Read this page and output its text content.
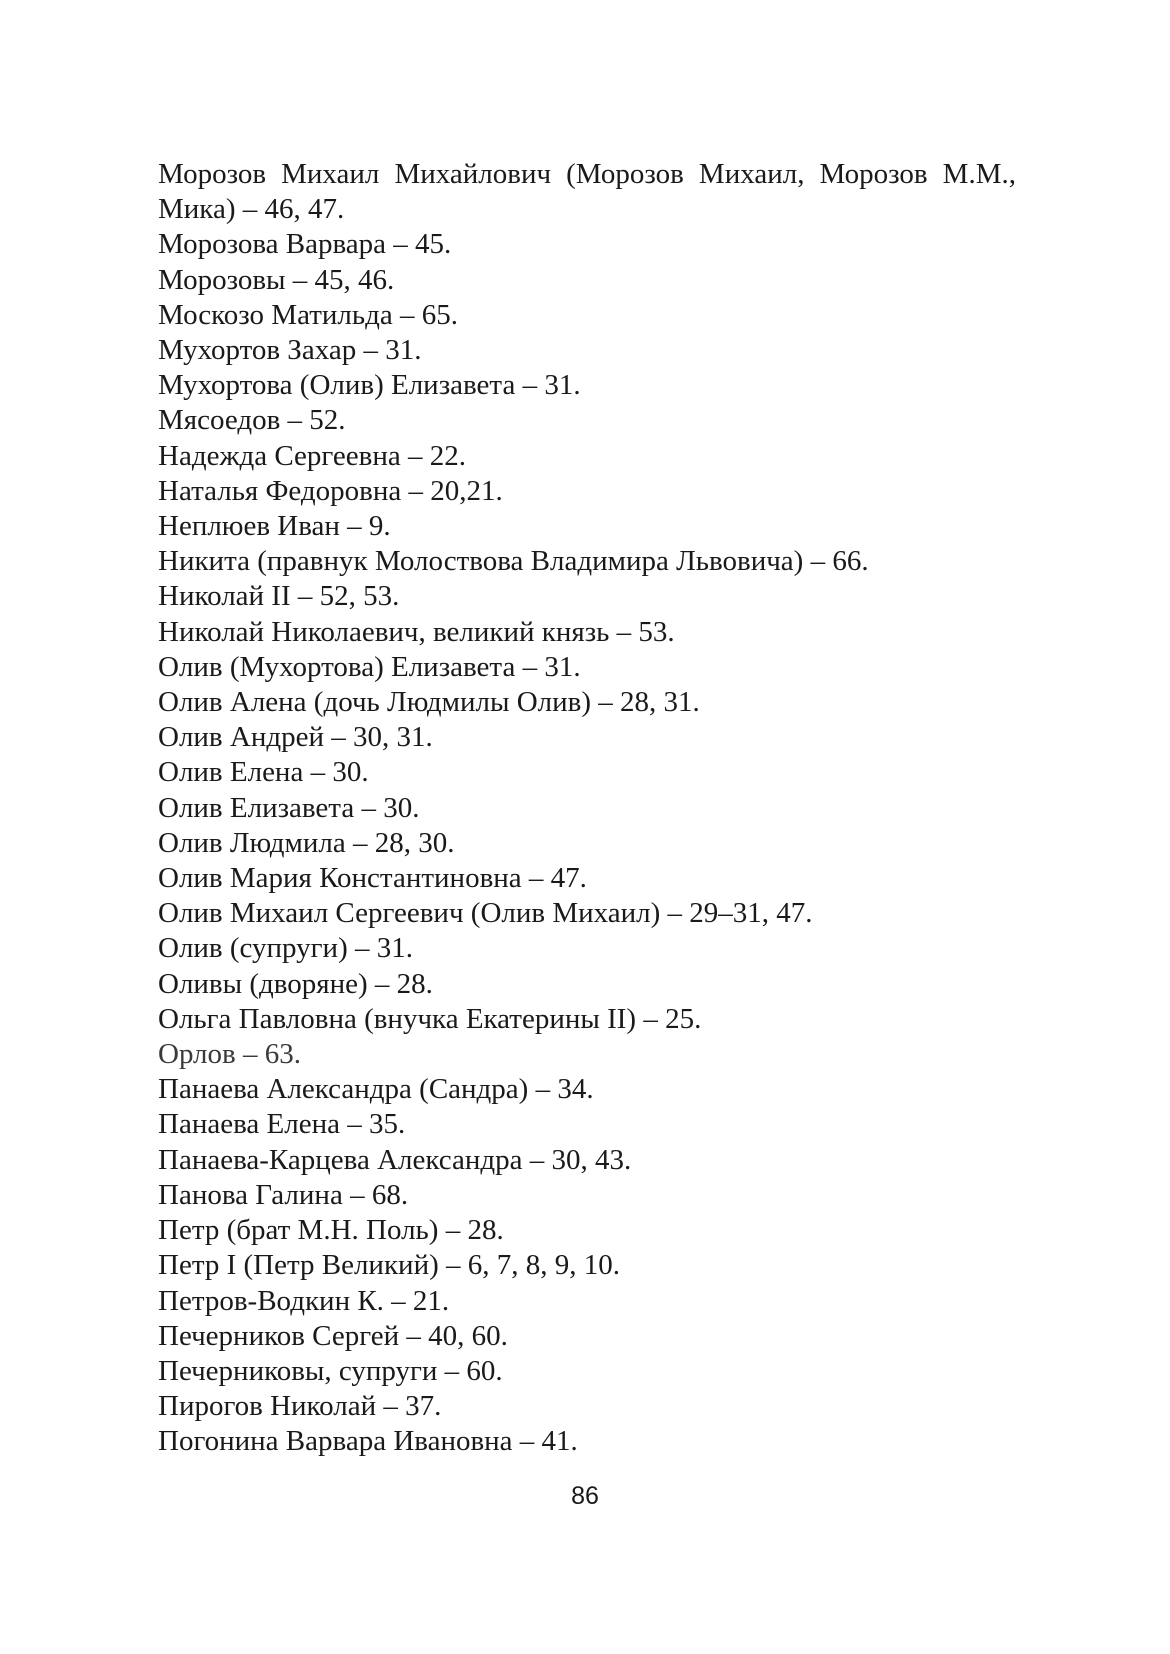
Морозов Михаил Михайлович (Морозов Михаил, Морозов М.М., Мика) – 46, 47.
Морозова Варвара – 45.
Морозовы – 45, 46.
Москозо Матильда – 65.
Мухортов Захар – 31.
Мухортова (Олив) Елизавета – 31.
Мясоедов – 52.
Надежда Сергеевна – 22.
Наталья Федоровна – 20,21.
Неплюев Иван – 9.
Никита (правнук Молоствова Владимира Львовича) – 66.
Николай II – 52, 53.
Николай Николаевич, великий князь – 53.
Олив (Мухортова) Елизавета – 31.
Олив Алена (дочь Людмилы Олив) – 28, 31.
Олив Андрей – 30, 31.
Олив Елена – 30.
Олив Елизавета – 30.
Олив Людмила – 28, 30.
Олив Мария Константиновна – 47.
Олив Михаил Сергеевич (Олив Михаил) – 29–31, 47.
Олив (супруги) – 31.
Оливы (дворяне) – 28.
Ольга Павловна (внучка Екатерины II) – 25.
Орлов – 63.
Панаева Александра (Сандра) – 34.
Панаева Елена – 35.
Панаева-Карцева Александра – 30, 43.
Панова Галина – 68.
Петр (брат М.Н. Поль) – 28.
Петр I (Петр Великий) – 6, 7, 8, 9, 10.
Петров-Водкин К. – 21.
Печерников Сергей – 40, 60.
Печерниковы, супруги – 60.
Пирогов Николай – 37.
Погонина Варвара Ивановна – 41.
86
